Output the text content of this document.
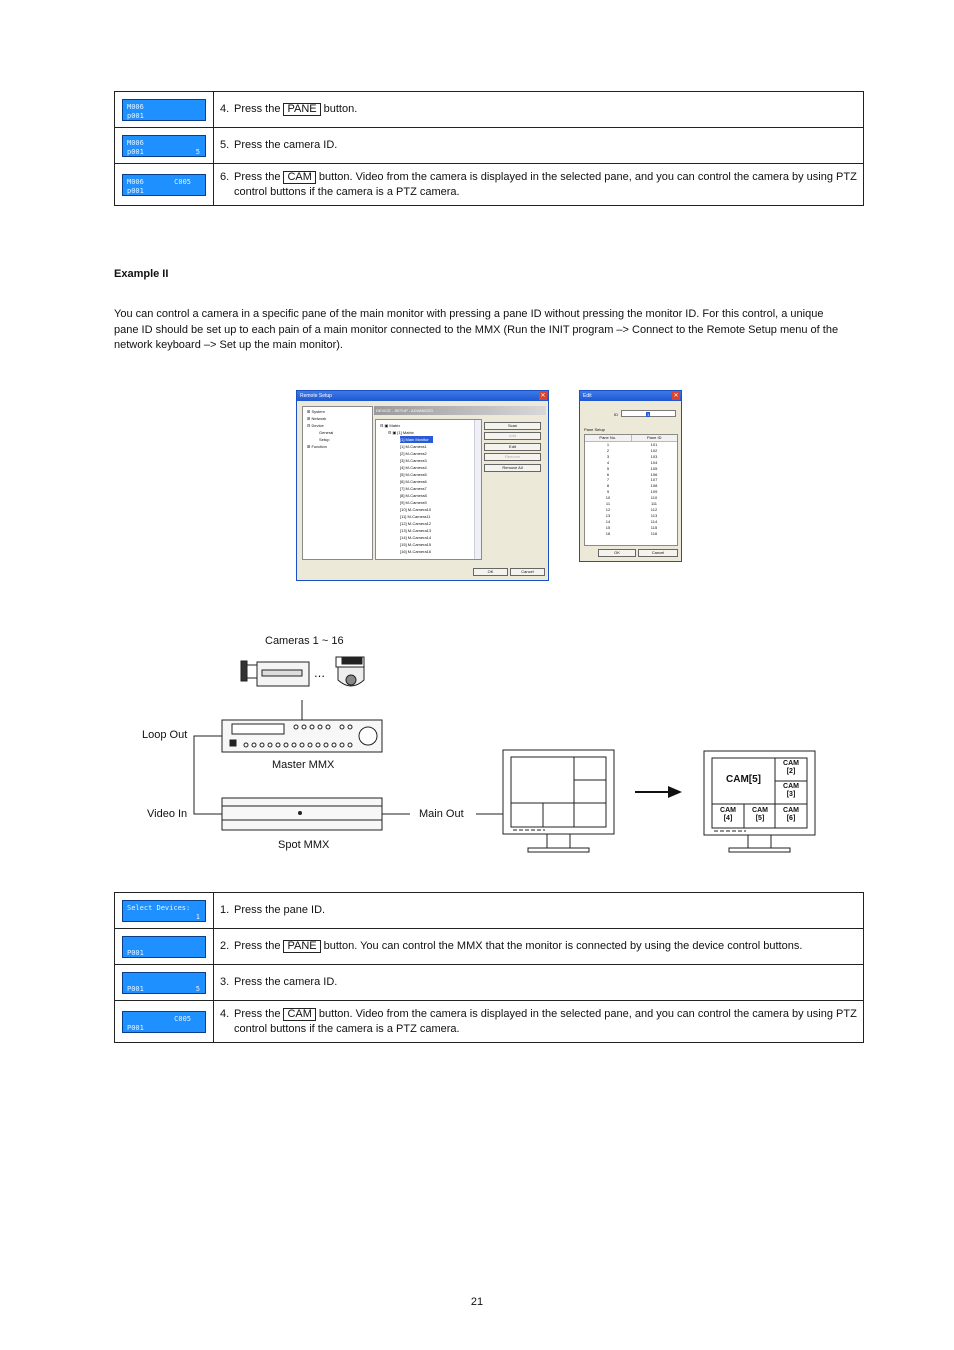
M006
p001	4. Press the PANE button.

M006
p001 5	5. Press the camera ID.

M006 C005
p001	6. Press the CAM button. Video from the camera is displayed in the selected pane, and you can control the camera by using PTZ control buttons if the camera is a PTZ camera.
Example II
You can control a camera in a specific pane of the main monitor with pressing a pane ID without pressing the monitor ID. For this control, a unique pane ID should be set up to each pain of a main monitor connected to the MMX (Run the INIT program –> Connect to the Remote Setup menu of the network keyboard –> Set up the main monitor).
Remote Setup	✕
⊞ System
⊞ Network
⊟ Device
General
Setup
⊞ Function
DEVICE - SETUP - ADVANCED
⊟ ▣ Matrix
⊟ ▣ [1] Matrix
[1] Main Monitor

[1] M-Camera1
[2] M-Camera2
[3] M-Camera3
[4] M-Camera4
[5] M-Camera5
[6] M-Camera6
[7] M-Camera7
[8] M-Camera8
[9] M-Camera9
[10] M-Camera10
[11] M-Camera11
[12] M-Camera12
[13] M-Camera13
[14] M-Camera14
[15] M-Camera15
[16] M-Camera16
Scan
Add
Edit
Remove
Remove All
OK	Cancel
Edit	✕
ID	1
Pane Setup
Pane No.	Pane ID
1	101
2	102
3	103
4	104
5	105
6	106
7	107
8	108
9	109
10	110
11	111
12	112
13	113
14	114
15	115
16	116
OK	Cancel
Cameras 1 ~ 16
…
CAM[5]
CAM [2]
CAM [3]
CAM [4]
CAM [5]
CAM [6]
Loop Out
Master MMX
Video In
Spot MMX
Main Out
Select Devices:
1	1. Press the pane ID.

P001	2. Press the PANE button. You can control the MMX that the monitor is connected by using the device control buttons.

P001 5	3. Press the camera ID.

C005
P001	4. Press the CAM button. Video from the camera is displayed in the selected pane, and you can control the camera by using PTZ control buttons if the camera is a PTZ camera.
21
